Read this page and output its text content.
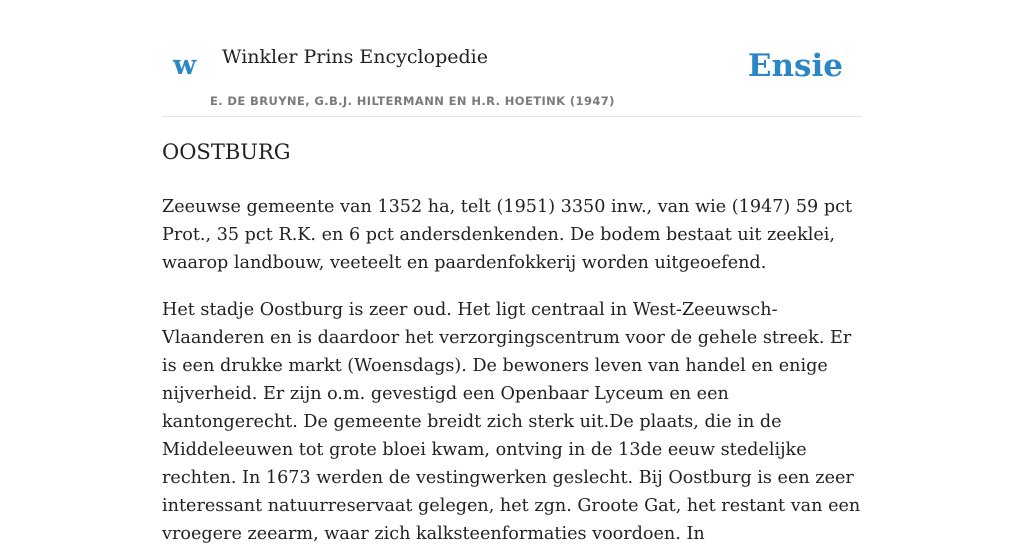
w Winkler Prins Encyclopedie
E. DE BRUYNE, G.B.J. HILTERMANN EN H.R. HOETINK (1947)
Ensie
OOSTBURG

Zeeuwse gemeente van 1352 ha, telt (1951) 3350 inw., van wie (1947) 59 pct Prot., 35 pct R.K. en 6 pct andersdenkenden. De bodem bestaat uit zeeklei, waarop landbouw, veeteelt en paardenfokkerij worden uitgeoefend.

Het stadje Oostburg is zeer oud. Het ligt centraal in West-Zeeuwsch-Vlaanderen en is daardoor het verzorgingscentrum voor de gehele streek. Er is een drukke markt (Woensdags). De bewoners leven van handel en enige nijverheid. Er zijn o.m. gevestigd een Openbaar Lyceum en een kantongerecht. De gemeente breidt zich sterk uit.De plaats, die in de Middeleeuwen tot grote bloei kwam, ontving in de 13de eeuw stedelijke rechten. In 1673 werden de vestingwerken geslecht. Bij Oostburg is een zeer interessant natuurreservaat gelegen, het zgn. Groote Gat, het restant van een vroegere zeearm, waar zich kalksteenformaties voordoen. In
